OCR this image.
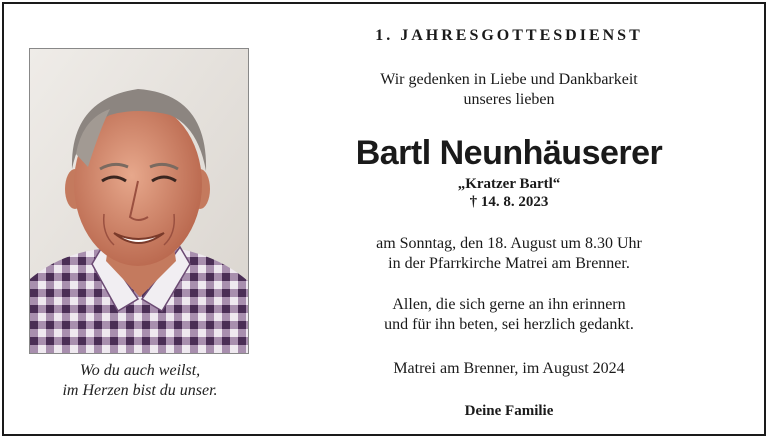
Wo du auch weilst,
im Herzen bist du unser.
1. JAHRESGOTTESDIENST
Wir gedenken in Liebe und Dankbarkeit
unseres lieben
Bartl Neunhäuserer
„Kratzer Bartl“
† 14. 8. 2023
am Sonntag, den 18. August um 8.30 Uhr
in der Pfarrkirche Matrei am Brenner.
Allen, die sich gerne an ihn erinnern
und für ihn beten, sei herzlich gedankt.
Matrei am Brenner, im August 2024
Deine Familie
